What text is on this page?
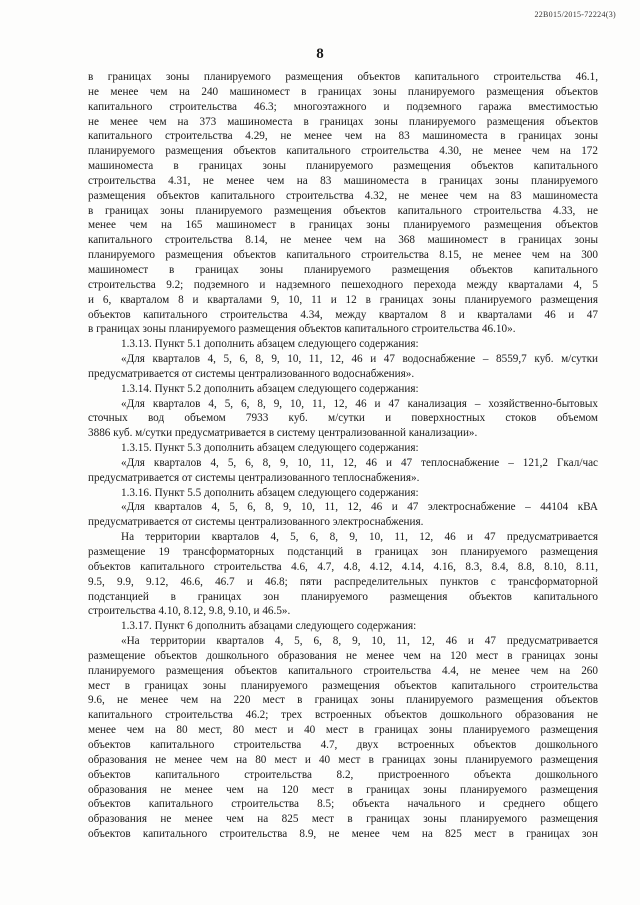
22В015/2015-72224(3)
8
в границах зоны планируемого размещения объектов капитального строительства 46.1,
не менее чем на 240 машиномест в границах зоны планируемого размещения объектов
капитального строительства 46.3; многоэтажного и подземного гаража вместимостью
не менее чем на 373 машиноместа в границах зоны планируемого размещения объектов
капитального строительства 4.29, не менее чем на 83 машиноместа в границах зоны
планируемого размещения объектов капитального строительства 4.30, не менее чем на 172
машиноместа в границах зоны планируемого размещения объектов капитального
строительства 4.31, не менее чем на 83 машиноместа в границах зоны планируемого
размещения объектов капитального строительства 4.32, не менее чем на 83 машиноместа
в границах зоны планируемого размещения объектов капитального строительства 4.33, не
менее чем на 165 машиномест в границах зоны планируемого размещения объектов
капитального строительства 8.14, не менее чем на 368 машиномест в границах зоны
планируемого размещения объектов капитального строительства 8.15, не менее чем на 300
машиномест в границах зоны планируемого размещения объектов капитального
строительства 9.2; подземного и надземного пешеходного перехода между кварталами 4, 5
и 6, кварталом 8 и кварталами 9, 10, 11 и 12 в границах зоны планируемого размещения
объектов капитального строительства 4.34, между кварталом 8 и кварталами 46 и 47
в границах зоны планируемого размещения объектов капитального строительства 46.10».
1.3.13. Пункт 5.1 дополнить абзацем следующего содержания:
«Для кварталов 4, 5, 6, 8, 9, 10, 11, 12, 46 и 47 водоснабжение – 8559,7 куб. м/сутки
предусматривается от системы централизованного водоснабжения».
1.3.14. Пункт 5.2 дополнить абзацем следующего содержания:
«Для кварталов 4, 5, 6, 8, 9, 10, 11, 12, 46 и 47 канализация – хозяйственно-бытовых
сточных вод объемом 7933 куб. м/сутки и поверхностных стоков объемом
3886 куб. м/сутки предусматривается в систему централизованной канализации».
1.3.15. Пункт 5.3 дополнить абзацем следующего содержания:
«Для кварталов 4, 5, 6, 8, 9, 10, 11, 12, 46 и 47 теплоснабжение – 121,2 Гкал/час
предусматривается от системы централизованного теплоснабжения».
1.3.16. Пункт 5.5 дополнить абзацем следующего содержания:
«Для кварталов 4, 5, 6, 8, 9, 10, 11, 12, 46 и 47 электроснабжение – 44104 кВА
предусматривается от системы централизованного электроснабжения.
На территории кварталов 4, 5, 6, 8, 9, 10, 11, 12, 46 и 47 предусматривается
размещение 19 трансформаторных подстанций в границах зон планируемого размещения
объектов капитального строительства 4.6, 4.7, 4.8, 4.12, 4.14, 4.16, 8.3, 8.4, 8.8, 8.10, 8.11,
9.5, 9.9, 9.12, 46.6, 46.7 и 46.8; пяти распределительных пунктов с трансформаторной
подстанцией в границах зон планируемого размещения объектов капитального
строительства 4.10, 8.12, 9.8, 9.10, и 46.5».
1.3.17. Пункт 6 дополнить абзацами следующего содержания:
«На территории кварталов 4, 5, 6, 8, 9, 10, 11, 12, 46 и 47 предусматривается
размещение объектов дошкольного образования не менее чем на 120 мест в границах зоны
планируемого размещения объектов капитального строительства 4.4, не менее чем на 260
мест в границах зоны планируемого размещения объектов капитального строительства
9.6, не менее чем на 220 мест в границах зоны планируемого размещения объектов
капитального строительства 46.2; трех встроенных объектов дошкольного образования не
менее чем на 80 мест, 80 мест и 40 мест в границах зоны планируемого размещения
объектов капитального строительства 4.7, двух встроенных объектов дошкольного
образования не менее чем на 80 мест и 40 мест в границах зоны планируемого размещения
объектов капитального строительства 8.2, пристроенного объекта дошкольного
образования не менее чем на 120 мест в границах зоны планируемого размещения
объектов капитального строительства 8.5; объекта начального и среднего общего
образования не менее чем на 825 мест в границах зоны планируемого размещения
объектов капитального строительства 8.9, не менее чем на 825 мест в границах зон
